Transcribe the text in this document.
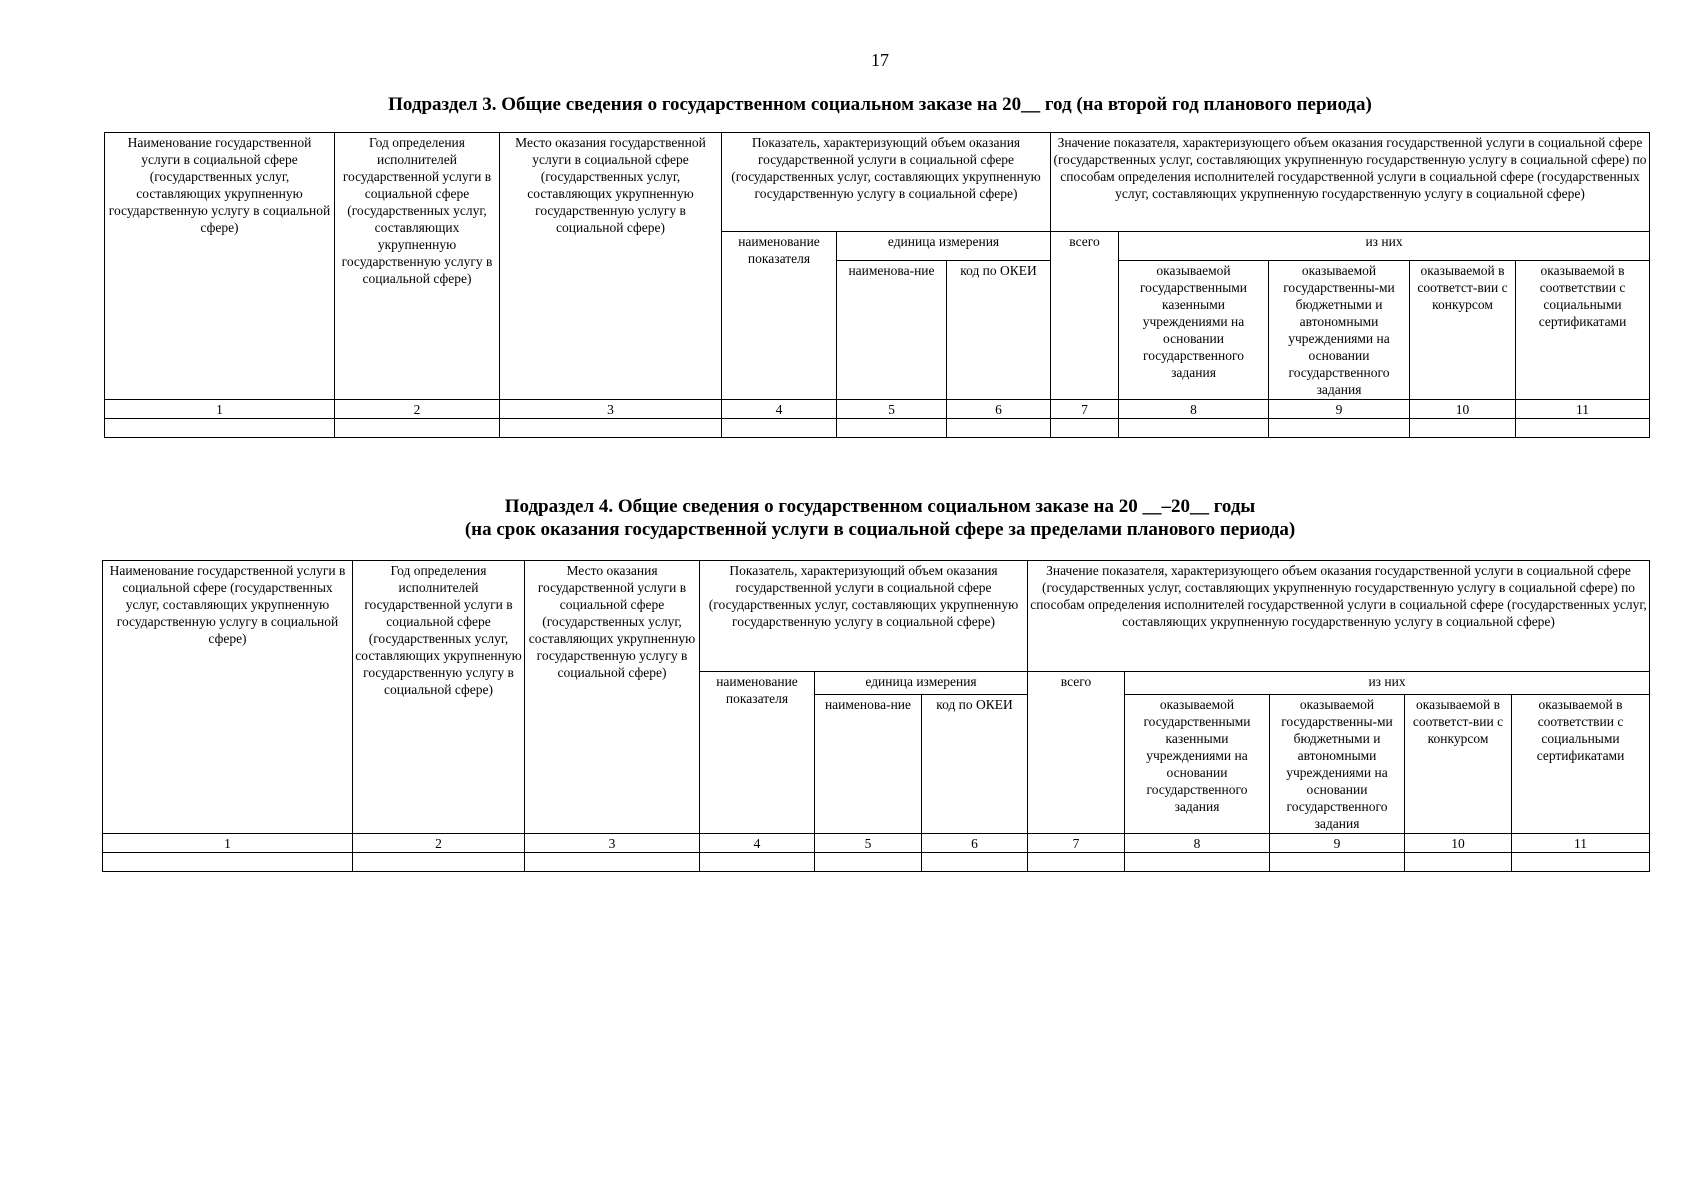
17
Подраздел 3. Общие сведения о государственном социальном заказе на 20__ год (на второй год планового периода)
Наименование государственной услуги в социальной сфере (государственных услуг, составляющих укрупненную государственную услугу в социальной сфере)	Год определения исполнителей государственной услуги в социальной сфере (государственных услуг, составляющих укрупненную государственную услугу в социальной сфере)	Место оказания государственной услуги в социальной сфере (государственных услуг, составляющих укрупненную государственную услугу в социальной сфере)	Показатель, характеризующий объем оказания государственной услуги в социальной сфере (государственных услуг, составляющих укрупненную государственную услугу в социальной сфере)			Значение показателя, характеризующего объем оказания государственной услуги в социальной сфере (государственных услуг, составляющих укрупненную государственную услугу в социальной сфере) по способам определения исполнителей государственной услуги в социальной сфере (государственных услуг, составляющих укрупненную государственную услугу в социальной сфере)				
			наименование показателя	единица измерения		всего	из них			
				наименова-ние	код по ОКЕИ		оказываемой государственными казенными учреждениями на основании государственного задания	оказываемой государственны-ми бюджетными и автономными учреждениями на основании государственного задания	оказываемой в соответст-вии с конкурсом	оказываемой в соответствии с социальными сертификатами
1	2	3	4	5	6	7	8	9	10	11

Подраздел 4. Общие сведения о государственном социальном заказе на 20 __–20__ годы
(на срок оказания государственной услуги в социальной сфере за пределами планового периода)
Наименование государственной услуги в социальной сфере (государственных услуг, составляющих укрупненную государственную услугу в социальной сфере)	Год определения исполнителей государственной услуги в социальной сфере (государственных услуг, составляющих укрупненную государственную услугу в социальной сфере)	Место оказания государственной услуги в социальной сфере (государственных услуг, составляющих укрупненную государственную услугу в социальной сфере)	Показатель, характеризующий объем оказания государственной услуги в социальной сфере (государственных услуг, составляющих укрупненную государственную услугу в социальной сфере)			Значение показателя, характеризующего объем оказания государственной услуги в социальной сфере (государственных услуг, составляющих укрупненную государственную услугу в социальной сфере) по способам определения исполнителей государственной услуги в социальной сфере (государственных услуг, составляющих укрупненную государственную услугу в социальной сфере)				
			наименование показателя	единица измерения		всего	из них			
				наименова-ние	код по ОКЕИ		оказываемой государственными казенными учреждениями на основании государственного задания	оказываемой государственны-ми бюджетными и автономными учреждениями на основании государственного задания	оказываемой в соответст-вии с конкурсом	оказываемой в соответствии с социальными сертификатами
1	2	3	4	5	6	7	8	9	10	11
